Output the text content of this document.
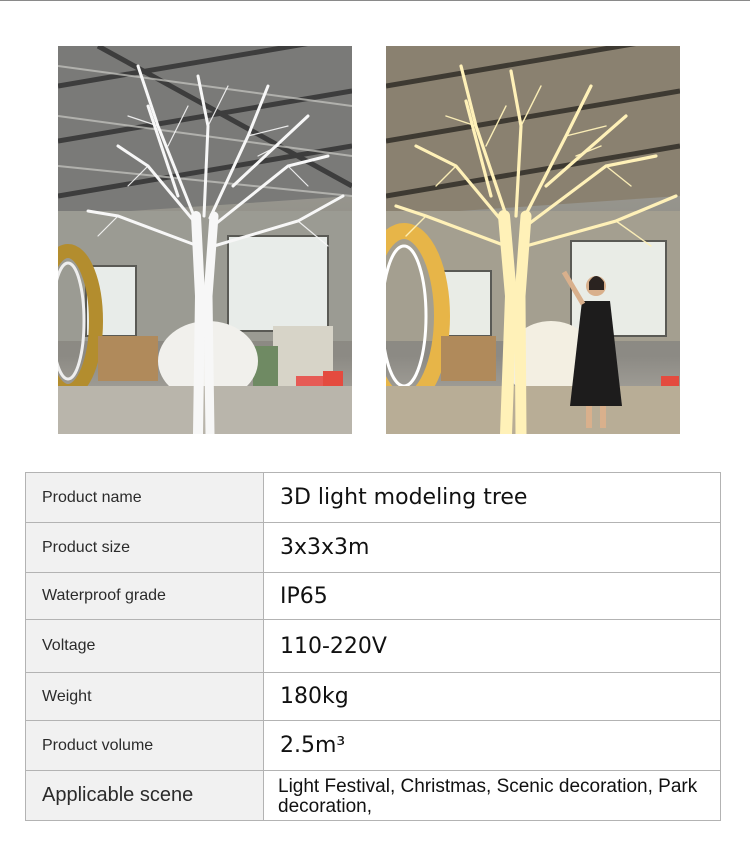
Product name	3D light modeling tree
Product size	3x3x3m
Waterproof grade	IP65
Voltage	110-220V
Weight	180kg
Product volume	2.5m³
Applicable scene	Light Festival, Christmas, Scenic decoration, Park decoration,
